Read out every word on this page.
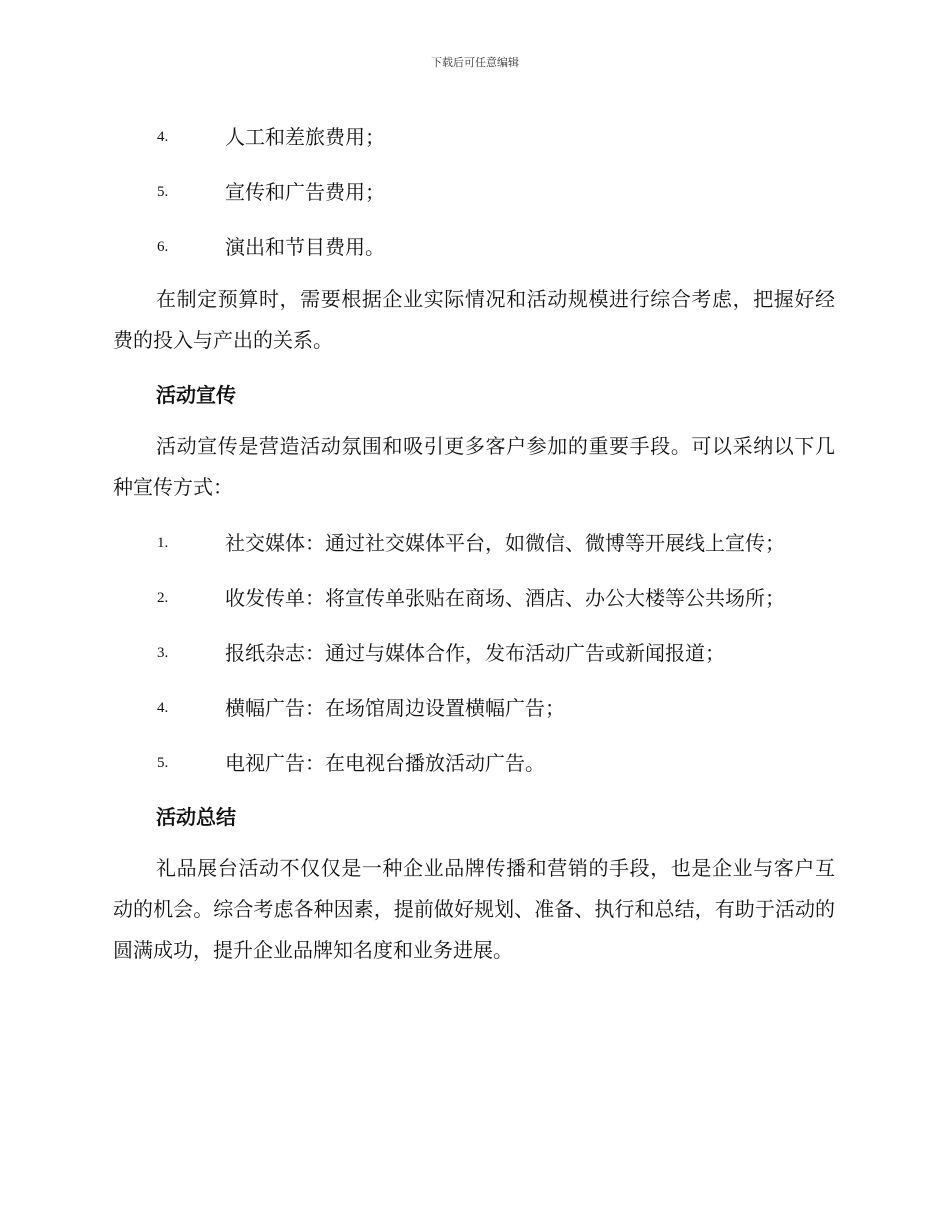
下载后可任意编辑
4.	人工和差旅费用；
5.	宣传和广告费用；
6.	演出和节目费用。
在制定预算时，需要根据企业实际情况和活动规模进行综合考虑，把握好经费的投入与产出的关系。
活动宣传
活动宣传是营造活动氛围和吸引更多客户参加的重要手段。可以采纳以下几种宣传方式：
1.	社交媒体：通过社交媒体平台，如微信、微博等开展线上宣传；
2.	收发传单：将宣传单张贴在商场、酒店、办公大楼等公共场所；
3.	报纸杂志：通过与媒体合作，发布活动广告或新闻报道；
4.	横幅广告：在场馆周边设置横幅广告；
5.	电视广告：在电视台播放活动广告。
活动总结
礼品展台活动不仅仅是一种企业品牌传播和营销的手段，也是企业与客户互动的机会。综合考虑各种因素，提前做好规划、准备、执行和总结，有助于活动的圆满成功，提升企业品牌知名度和业务进展。
